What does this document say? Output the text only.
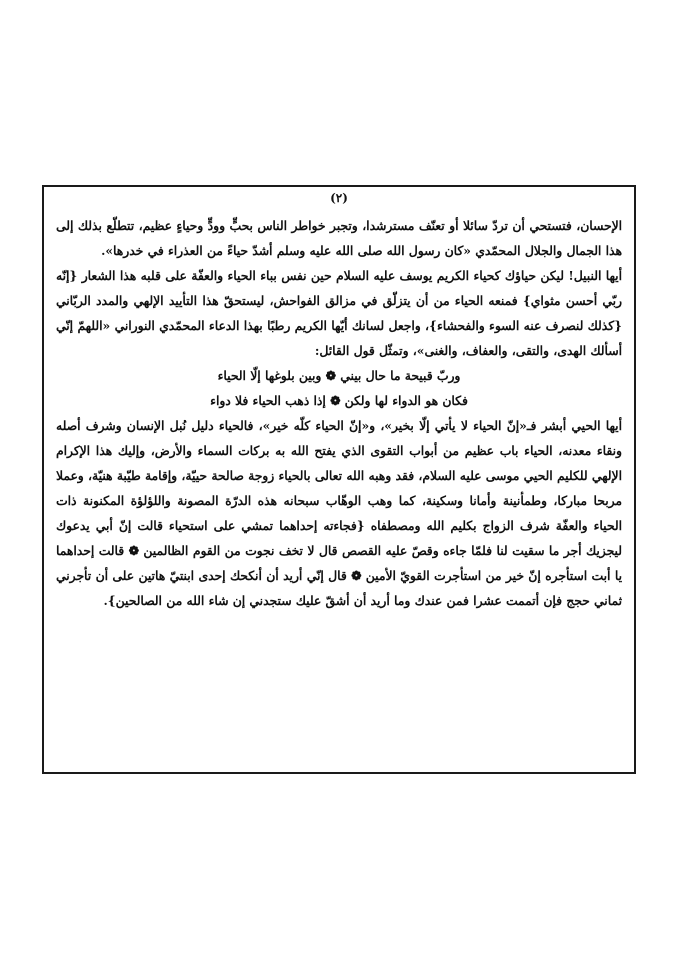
(٢)

الإحسان، فتستحي أن تردّ سائلا أو تعنّف مسترشدا، وتجبر خواطر الناس بحبٍّ وودٍّ وحياءٍ عظيم، تتطلّع بذلك إلى هذا الجمال والجلال المحمّدي «كان رسول الله صلى الله عليه وسلم أشدّ حياءً من العذراء في خدرها».

أيها النبيل! ليكن حياؤك كحياء الكريم يوسف عليه السلام حين نفس بباء الحياء والعفّة على قلبه هذا الشعار {إنّه ربّي أحسن مثواي} فمنعه الحياء من أن يتزلّق في مزالق الفواحش، ليستحقّ هذا التأييد الإلهي والمدد الربّاني {كذلك لنصرف عنه السوء والفحشاء}، واجعل لسانك أيّها الكريم رطبًا بهذا الدعاء المحمّدي النوراني «اللهمّ إنّي أسألك الهدى، والتقى، والعفاف، والغنى»، وتمثّل قول القائل:

وربّ قبيحة ما حال بيني ❁ وبين بلوغها إلّا الحياء

فكان هو الدواء لها ولكن ❁ إذا ذهب الحياء فلا دواء

أيها الحيي أبشر فـ«إنّ الحياء لا يأتي إلّا بخير»، و«إنّ الحياء كلّه خير»، فالحياء دليل نُبل الإنسان وشرف أصله ونقاء معدنه، الحياء باب عظيم من أبواب التقوى الذي يفتح الله به بركات السماء والأرض، وإليك هذا الإكرام الإلهي للكليم الحيي موسى عليه السلام، فقد وهبه الله تعالى بالحياء زوجة صالحة حييّة، وإقامة طيّبة هنيّة، وعملا مربحا مباركا، وطمأنينة وأمانا وسكينة، كما وهب الوهّاب سبحانه هذه الدرّة المصونة واللؤلؤة المكنونة ذات الحياء والعفّة شرف الزواج بكليم الله ومصطفاه {فجاءته إحداهما تمشي على استحياء قالت إنّ أبي يدعوك ليجزيك أجر ما سقيت لنا فلمّا جاءه وقصّ عليه القصص قال لا تخف نجوت من القوم الظالمين ❁ قالت إحداهما يا أبت استأجره إنّ خير من استأجرت القويّ الأمين ❁ قال إنّي أريد أن أنكحك إحدى ابنتيّ هاتين على أن تأجرني ثماني حجج فإن أتممت عشرا فمن عندك وما أريد أن أشقّ عليك ستجدني إن شاء الله من الصالحين}.
